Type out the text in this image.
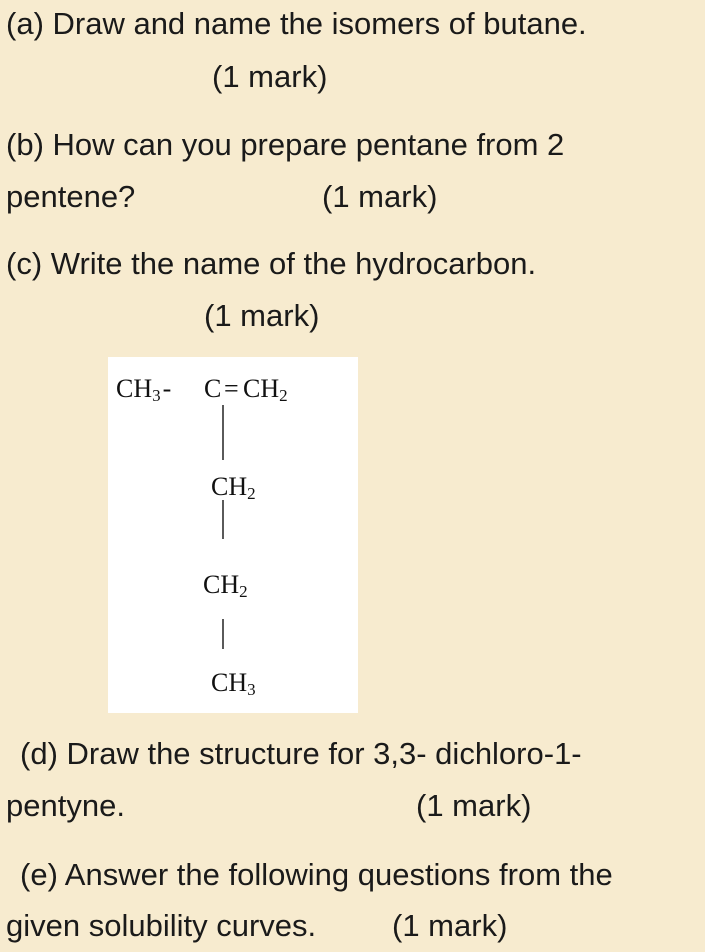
(a) Draw and name the isomers of butane.
(1 mark)
(b) How can you prepare pentane from 2
pentene?	(1 mark)
(c) Write the name of the hydrocarbon.
(1 mark)
CH3- C = CH2
CH2
CH2
CH3
(d) Draw the structure for 3,3- dichloro-1-
pentyne.	(1 mark)
(e) Answer the following questions from the
given solubility curves. (1 mark)
